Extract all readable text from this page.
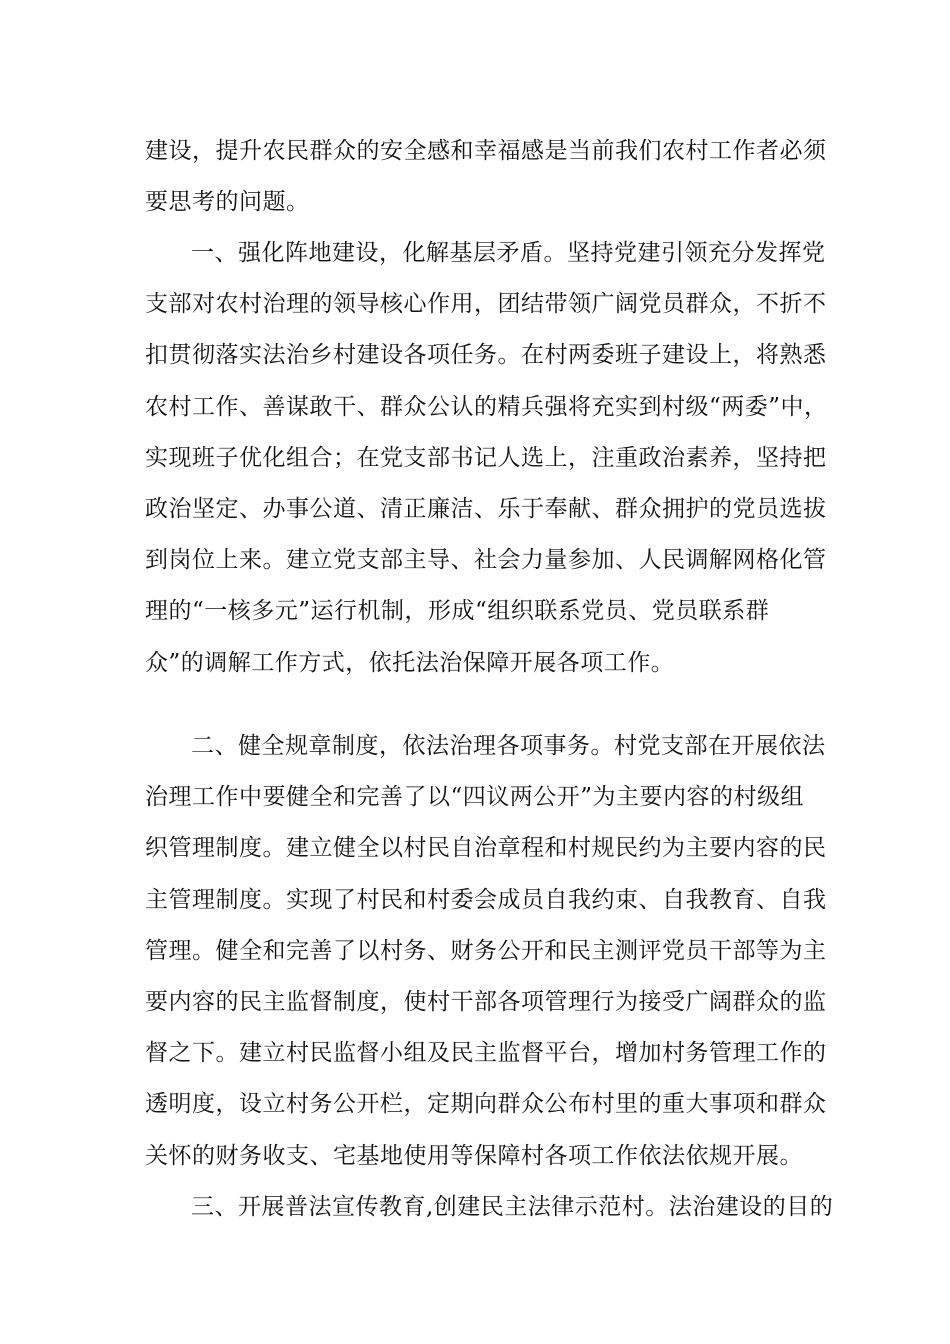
建设，提升农民群众的安全感和幸福感是当前我们农村工作者必须
要思考的问题。
一、强化阵地建设，化解基层矛盾。坚持党建引领充分发挥党
支部对农村治理的领导核心作用，团结带领广阔党员群众，不折不
扣贯彻落实法治乡村建设各项任务。在村两委班子建设上，将熟悉
农村工作、善谋敢干、群众公认的精兵强将充实到村级“两委”中，
实现班子优化组合；在党支部书记人选上，注重政治素养，坚持把
政治坚定、办事公道、清正廉洁、乐于奉献、群众拥护的党员选拔
到岗位上来。建立党支部主导、社会力量参加、人民调解网格化管
理的“一核多元”运行机制，形成“组织联系党员、党员联系群
众”的调解工作方式，依托法治保障开展各项工作。
二、健全规章制度，依法治理各项事务。村党支部在开展依法
治理工作中要健全和完善了以“四议两公开”为主要内容的村级组
织管理制度。建立健全以村民自治章程和村规民约为主要内容的民
主管理制度。实现了村民和村委会成员自我约束、自我教育、自我
管理。健全和完善了以村务、财务公开和民主测评党员干部等为主
要内容的民主监督制度，使村干部各项管理行为接受广阔群众的监
督之下。建立村民监督小组及民主监督平台，增加村务管理工作的
透明度，设立村务公开栏，定期向群众公布村里的重大事项和群众
关怀的财务收支、宅基地使用等保障村各项工作依法依规开展。
三、开展普法宣传教育,创建民主法律示范村。法治建设的目的
